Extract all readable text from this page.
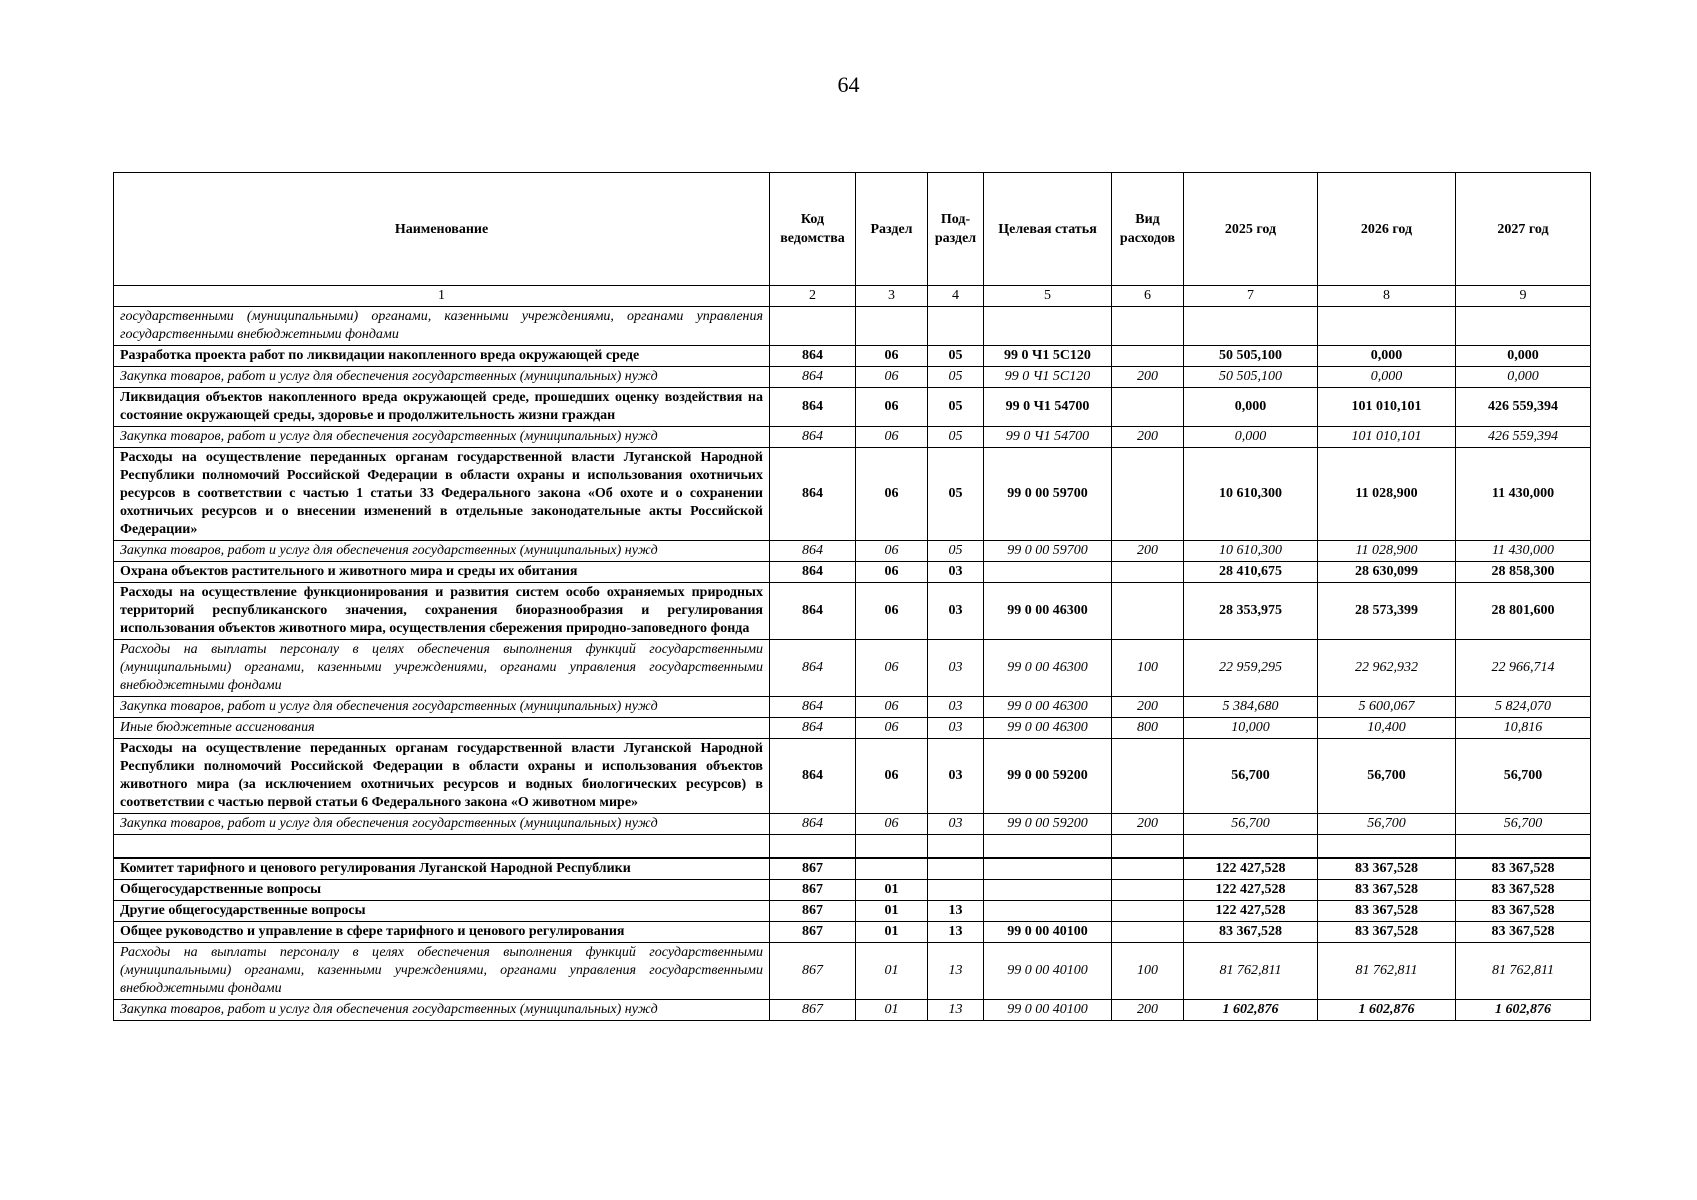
64
Наименование	Код ведомства	Раздел	Под-раздел	Целевая статья	Вид расходов	2025 год	2026 год	2027 год
1	2	3	4	5	6	7	8	9
государственными (муниципальными) органами, казенными учреждениями, органами управления государственными внебюджетными фондами								
Разработка проекта работ по ликвидации накопленного вреда окружающей среде	864	06	05	99 0 Ч1 5С120		50 505,100	0,000	0,000
Закупка товаров, работ и услуг для обеспечения государственных (муниципальных) нужд	864	06	05	99 0 Ч1 5С120	200	50 505,100	0,000	0,000
Ликвидация объектов накопленного вреда окружающей среде, прошедших оценку воздействия на состояние окружающей среды, здоровье и продолжительность жизни граждан	864	06	05	99 0 Ч1 54700		0,000	101 010,101	426 559,394
Закупка товаров, работ и услуг для обеспечения государственных (муниципальных) нужд	864	06	05	99 0 Ч1 54700	200	0,000	101 010,101	426 559,394
Расходы на осуществление переданных органам государственной власти Луганской Народной Республики полномочий Российской Федерации в области охраны и использования охотничьих ресурсов в соответствии с частью 1 статьи 33 Федерального закона «Об охоте и о сохранении охотничьих ресурсов и о внесении изменений в отдельные законодательные акты Российской Федерации»	864	06	05	99 0 00 59700		10 610,300	11 028,900	11 430,000
Закупка товаров, работ и услуг для обеспечения государственных (муниципальных) нужд	864	06	05	99 0 00 59700	200	10 610,300	11 028,900	11 430,000
Охрана объектов растительного и животного мира и среды их обитания	864	06	03			28 410,675	28 630,099	28 858,300
Расходы на осуществление функционирования и развития систем особо охраняемых природных территорий республиканского значения, сохранения биоразнообразия и регулирования использования объектов животного мира, осуществления сбережения природно-заповедного фонда	864	06	03	99 0 00 46300		28 353,975	28 573,399	28 801,600
Расходы на выплаты персоналу в целях обеспечения выполнения функций государственными (муниципальными) органами, казенными учреждениями, органами управления государственными внебюджетными фондами	864	06	03	99 0 00 46300	100	22 959,295	22 962,932	22 966,714
Закупка товаров, работ и услуг для обеспечения государственных (муниципальных) нужд	864	06	03	99 0 00 46300	200	5 384,680	5 600,067	5 824,070
Иные бюджетные ассигнования	864	06	03	99 0 00 46300	800	10,000	10,400	10,816
Расходы на осуществление переданных органам государственной власти Луганской Народной Республики полномочий Российской Федерации в области охраны и использования объектов животного мира (за исключением охотничьих ресурсов и водных биологических ресурсов) в соответствии с частью первой статьи 6 Федерального закона «О животном мире»	864	06	03	99 0 00 59200		56,700	56,700	56,700
Закупка товаров, работ и услуг для обеспечения государственных (муниципальных) нужд	864	06	03	99 0 00 59200	200	56,700	56,700	56,700

Комитет тарифного и ценового регулирования Луганской Народной Республики	867					122 427,528	83 367,528	83 367,528
Общегосударственные вопросы	867	01				122 427,528	83 367,528	83 367,528
Другие общегосударственные вопросы	867	01	13			122 427,528	83 367,528	83 367,528
Общее руководство и управление в сфере тарифного и ценового регулирования	867	01	13	99 0 00 40100		83 367,528	83 367,528	83 367,528
Расходы на выплаты персоналу в целях обеспечения выполнения функций государственными (муниципальными) органами, казенными учреждениями, органами управления государственными внебюджетными фондами	867	01	13	99 0 00 40100	100	81 762,811	81 762,811	81 762,811
Закупка товаров, работ и услуг для обеспечения государственных (муниципальных) нужд	867	01	13	99 0 00 40100	200	1 602,876	1 602,876	1 602,876
